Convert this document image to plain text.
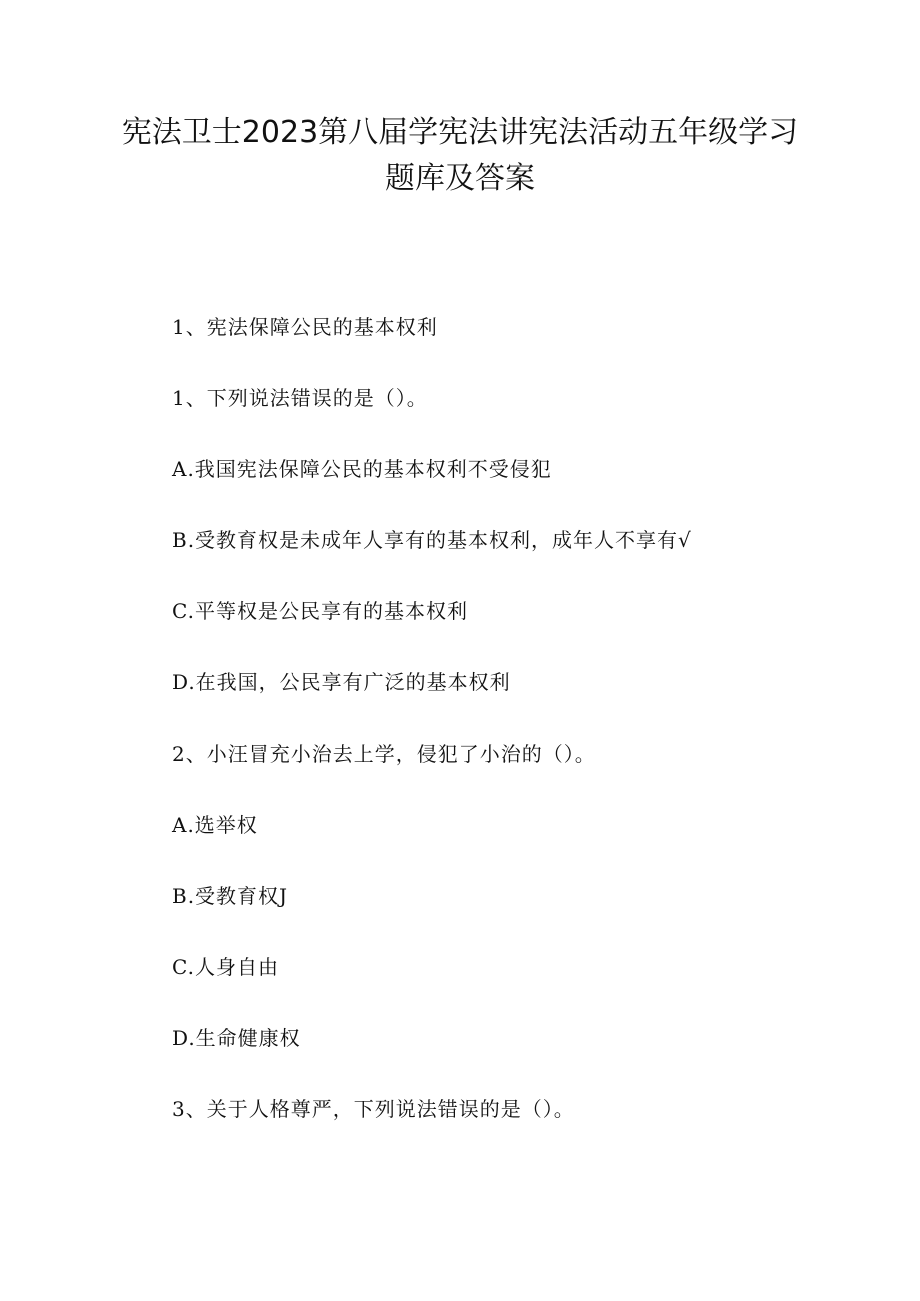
宪法卫士2023第八届学宪法讲宪法活动五年级学习
题库及答案

1、宪法保障公民的基本权利

1、下列说法错误的是（）。

A.我国宪法保障公民的基本权利不受侵犯

B.受教育权是未成年人享有的基本权利，成年人不享有√

C.平等权是公民享有的基本权利

D.在我国，公民享有广泛的基本权利

2、小汪冒充小治去上学，侵犯了小治的（）。

A.选举权

B.受教育权J

C.人身自由

D.生命健康权

3、关于人格尊严，下列说法错误的是（）。
